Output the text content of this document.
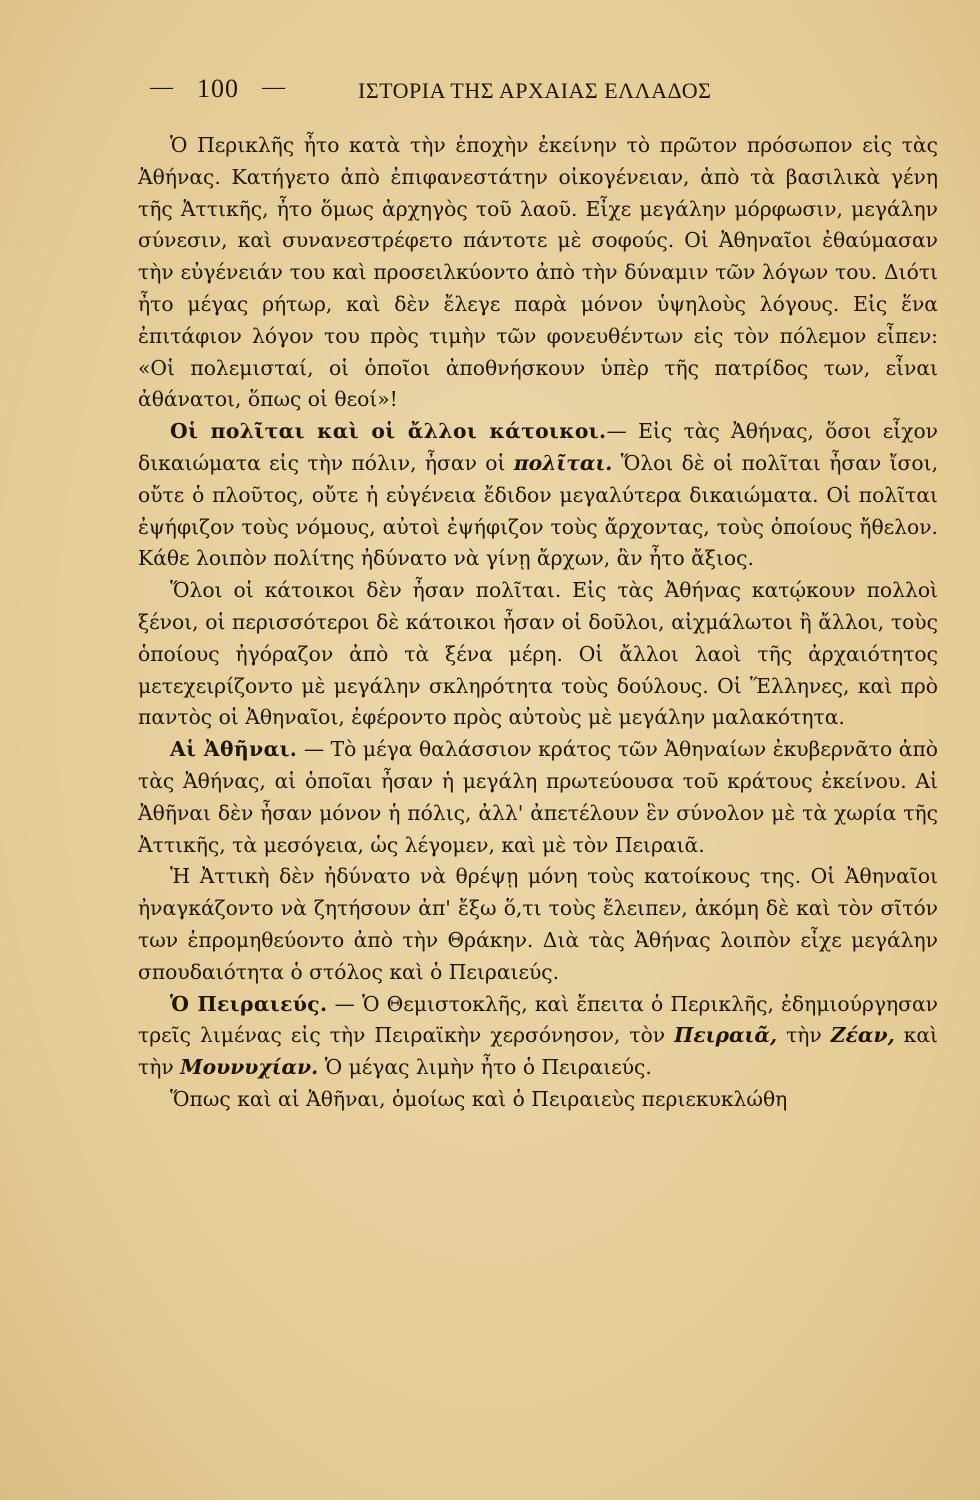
— 100 —	ΙΣΤΟΡΙΑ ΤΗΣ ΑΡΧΑΙΑΣ ΕΛΛΑΔΟΣ

Ὁ Περικλῆς ἦτο κατὰ τὴν ἐποχὴν ἐκείνην τὸ πρῶτον πρόσωπον εἰς τὰς Ἀθήνας. Κατήγετο ἀπὸ ἐπιφανεστάτην οἰκογένειαν, ἀπὸ τὰ βασιλικὰ γένη τῆς Ἀττικῆς, ἦτο ὅμως ἀρχηγὸς τοῦ λαοῦ. Εἶχε μεγάλην μόρφωσιν, μεγάλην σύνεσιν, καὶ συνανεστρέφετο πάντοτε μὲ σοφούς. Οἱ Ἀθηναῖοι ἐθαύμασαν τὴν εὐγένειάν του καὶ προσειλκύοντο ἀπὸ τὴν δύναμιν τῶν λόγων του. Διότι ἦτο μέγας ρήτωρ, καὶ δὲν ἔλεγε παρὰ μόνον ὑψηλοὺς λόγους. Εἰς ἕνα ἐπιτάφιον λόγον του πρὸς τιμὴν τῶν φονευθέντων εἰς τὸν πόλεμον εἶπεν: «Οἱ πολεμισταί, οἱ ὁποῖοι ἀποθνήσκουν ὑπὲρ τῆς πατρίδος των, εἶναι ἀθάνατοι, ὅπως οἱ θεοί»!

Οἱ πολῖται καὶ οἱ ἄλλοι κάτοικοι.— Εἰς τὰς Ἀθήνας, ὅσοι εἶχον δικαιώματα εἰς τὴν πόλιν, ἦσαν οἱ πολῖται. Ὅλοι δὲ οἱ πολῖται ἦσαν ἴσοι, οὔτε ὁ πλοῦτος, οὔτε ἡ εὐγένεια ἔδιδον μεγαλύτερα δικαιώματα. Οἱ πολῖται ἐψήφιζον τοὺς νόμους, αὐτοὶ ἐψήφιζον τοὺς ἄρχοντας, τοὺς ὁποίους ἤθελον. Κάθε λοιπὸν πολίτης ἠδύνατο νὰ γίνῃ ἄρχων, ἂν ἦτο ἄξιος.

Ὅλοι οἱ κάτοικοι δὲν ἦσαν πολῖται. Εἰς τὰς Ἀθήνας κατῴκουν πολλοὶ ξένοι, οἱ περισσότεροι δὲ κάτοικοι ἦσαν οἱ δοῦλοι, αἰχμάλωτοι ἢ ἄλλοι, τοὺς ὁποίους ἠγόραζον ἀπὸ τὰ ξένα μέρη. Οἱ ἄλλοι λαοὶ τῆς ἀρχαιότητος μετεχειρίζοντο μὲ μεγάλην σκληρότητα τοὺς δούλους. Οἱ Ἕλληνες, καὶ πρὸ παντὸς οἱ Ἀθηναῖοι, ἐφέροντο πρὸς αὐτοὺς μὲ μεγάλην μαλακότητα.

Αἱ Ἀθῆναι. — Τὸ μέγα θαλάσσιον κράτος τῶν Ἀθηναίων ἐκυβερνᾶτο ἀπὸ τὰς Ἀθήνας, αἱ ὁποῖαι ἦσαν ἡ μεγάλη πρωτεύουσα τοῦ κράτους ἐκείνου. Αἱ Ἀθῆναι δὲν ἦσαν μόνον ἡ πόλις, ἀλλ' ἀπετέλουν ἓν σύνολον μὲ τὰ χωρία τῆς Ἀττικῆς, τὰ μεσόγεια, ὡς λέγομεν, καὶ μὲ τὸν Πειραιᾶ.

Ἡ Ἀττικὴ δὲν ἠδύνατο νὰ θρέψῃ μόνη τοὺς κατοίκους της. Οἱ Ἀθηναῖοι ἠναγκάζοντο νὰ ζητήσουν ἀπ' ἔξω ὅ,τι τοὺς ἔλειπεν, ἀκόμη δὲ καὶ τὸν σῖτόν των ἐπρομηθεύοντο ἀπὸ τὴν Θράκην. Διὰ τὰς Ἀθήνας λοιπὸν εἶχε μεγάλην σπουδαιότητα ὁ στόλος καὶ ὁ Πειραιεύς.

Ὁ Πειραιεύς. — Ὁ Θεμιστοκλῆς, καὶ ἔπειτα ὁ Περικλῆς, ἐδημιούργησαν τρεῖς λιμένας εἰς τὴν Πειραϊκὴν χερσόνησον, τὸν Πειραιᾶ, τὴν Ζέαν, καὶ τὴν Μουνυχίαν. Ὁ μέγας λιμὴν ἦτο ὁ Πειραιεύς.

Ὅπως καὶ αἱ Ἀθῆναι, ὁμοίως καὶ ὁ Πειραιεὺς περιεκυκλώθη
